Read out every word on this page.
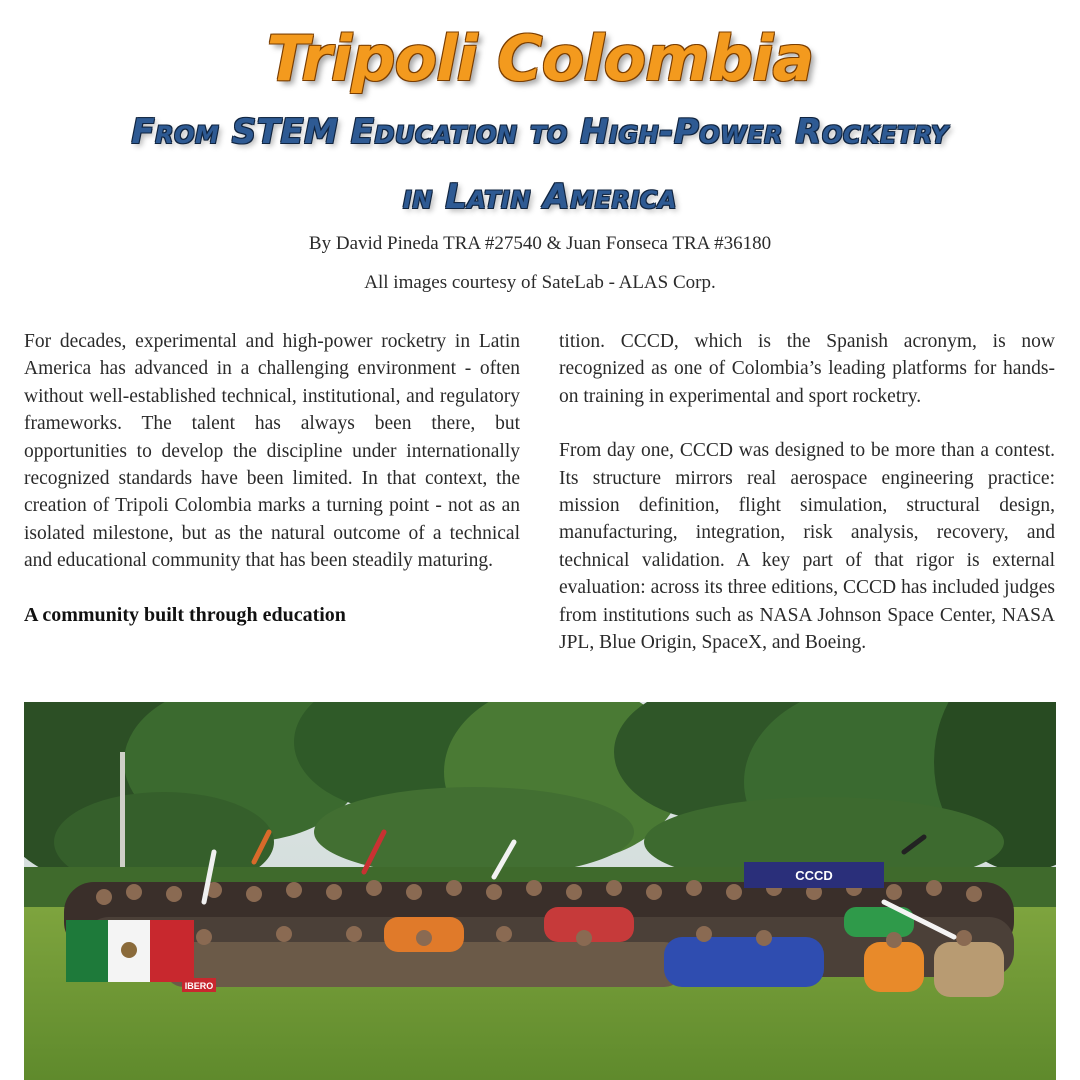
Tripoli Colombia
From STEM Education to High-Power Rocketry
in Latin America
By David Pineda TRA #27540 & Juan Fonseca TRA #36180
All images courtesy of SateLab - ALAS Corp.

For decades, experimental and high-power rocketry in Latin America has advanced in a challenging environment - often without well-established technical, institutional, and regulatory frameworks. The talent has always been there, but opportunities to develop the discipline under internationally recognized standards have been limited. In that context, the creation of Tripoli Colombia marks a turning point - not as an isolated milestone, but as the natural outcome of a technical and educational community that has been steadily maturing.

A community built through education

tition. CCCD, which is the Spanish acronym, is now recognized as one of Colombia’s leading platforms for hands-on training in experimental and sport rocketry.

From day one, CCCD was designed to be more than a contest. Its structure mirrors real aerospace engineering practice: mission definition, flight simulation, structural design, manufacturing, integration, risk analysis, recovery, and technical validation. A key part of that rigor is external evaluation: across its three editions, CCCD has included judges from institutions such as NASA Johnson Space Center, NASA JPL, Blue Origin, SpaceX, and Boeing.

CCCD
IBERO
